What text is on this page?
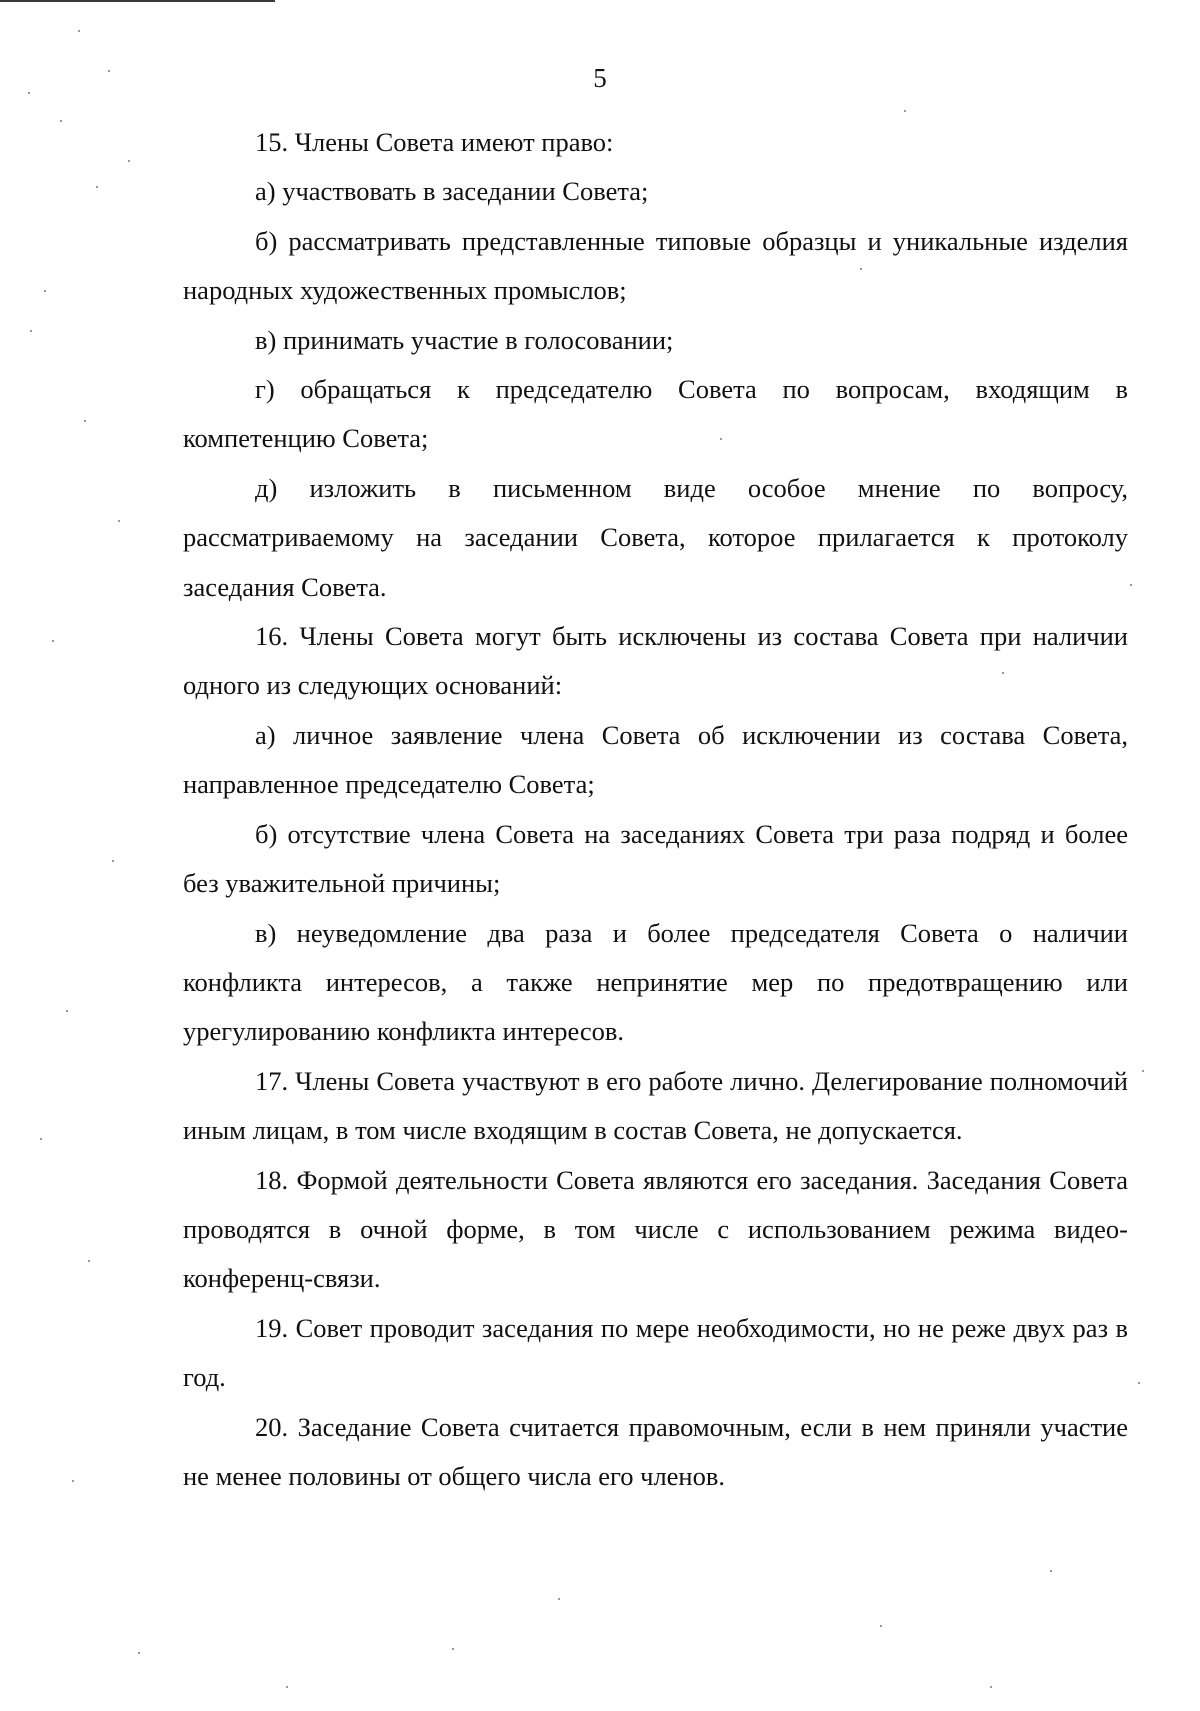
5

15. Члены Совета имеют право:

а) участвовать в заседании Совета;

б) рассматривать представленные типовые образцы и уникальные изделия народных художественных промыслов;

в) принимать участие в голосовании;

г) обращаться к председателю Совета по вопросам, входящим в компетенцию Совета;

д) изложить в письменном виде особое мнение по вопросу, рассматриваемому на заседании Совета, которое прилагается к протоколу заседания Совета.

16. Члены Совета могут быть исключены из состава Совета при наличии одного из следующих оснований:

а) личное заявление члена Совета об исключении из состава Совета, направленное председателю Совета;

б) отсутствие члена Совета на заседаниях Совета три раза подряд и более без уважительной причины;

в) неуведомление два раза и более председателя Совета о наличии конфликта интересов, а также непринятие мер по предотвращению или урегулированию конфликта интересов.

17. Члены Совета участвуют в его работе лично. Делегирование полномочий иным лицам, в том числе входящим в состав Совета, не допускается.

18. Формой деятельности Совета являются его заседания. Заседания Совета проводятся в очной форме, в том числе с использованием режима видео-конференц-связи.

19. Совет проводит заседания по мере необходимости, но не реже двух раз в год.

20. Заседание Совета считается правомочным, если в нем приняли участие не менее половины от общего числа его членов.
